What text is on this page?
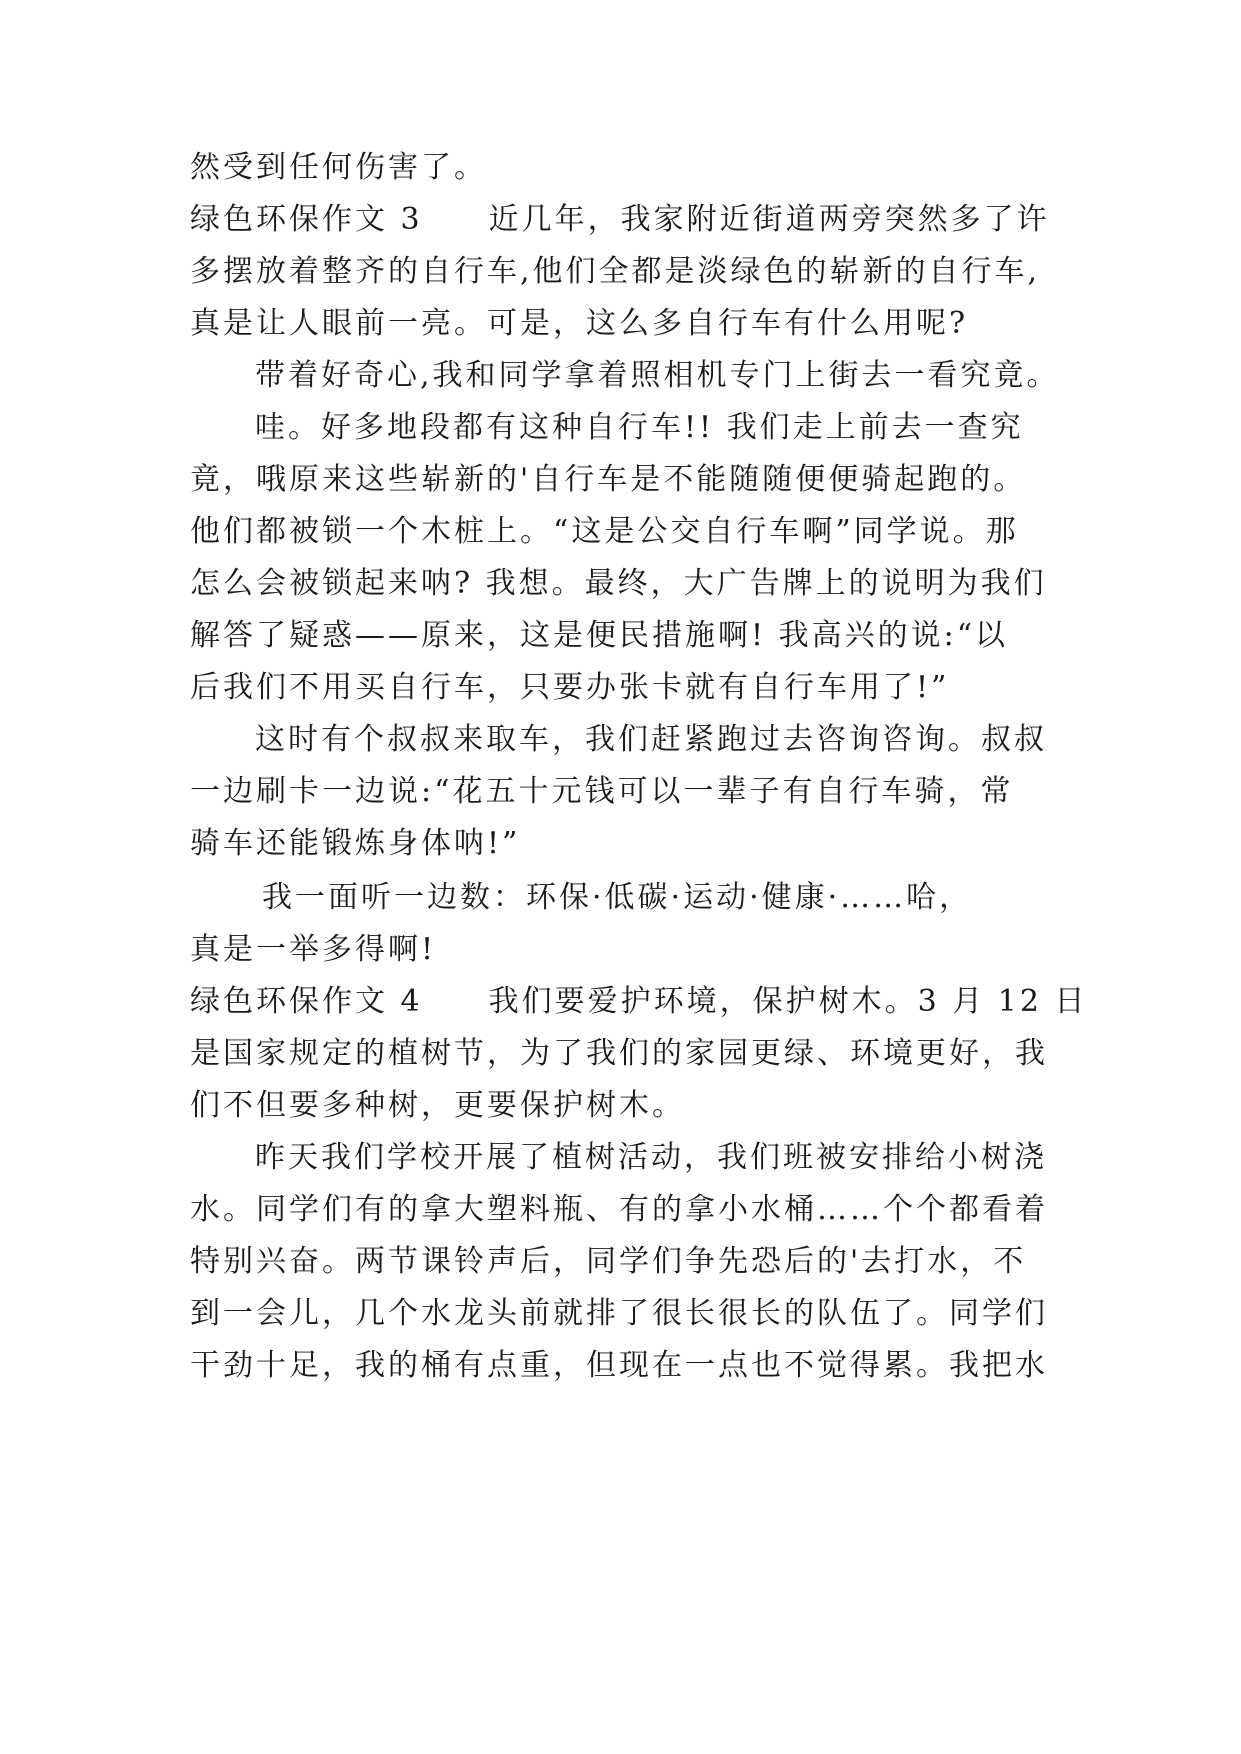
然受到任何伤害了。
绿色环保作文 3　　近几年，我家附近街道两旁突然多了许
多摆放着整齐的自行车,他们全都是淡绿色的崭新的自行车,
真是让人眼前一亮。可是，这么多自行车有什么用呢?
带着好奇心,我和同学拿着照相机专门上街去一看究竟。
哇。好多地段都有这种自行车!! 我们走上前去一查究
竟，哦原来这些崭新的'自行车是不能随随便便骑起跑的。
他们都被锁一个木桩上。“这是公交自行车啊”同学说。那
怎么会被锁起来呐? 我想。最终，大广告牌上的说明为我们
解答了疑惑——原来，这是便民措施啊! 我高兴的说:“以
后我们不用买自行车，只要办张卡就有自行车用了!”
这时有个叔叔来取车，我们赶紧跑过去咨询咨询。叔叔
一边刷卡一边说:“花五十元钱可以一辈子有自行车骑，常
骑车还能锻炼身体呐!”
我一面听一边数：环保·低碳·运动·健康·……哈，
真是一举多得啊!
绿色环保作文 4　　我们要爱护环境，保护树木。3 月 12 日
是国家规定的植树节，为了我们的家园更绿、环境更好，我
们不但要多种树，更要保护树木。
昨天我们学校开展了植树活动，我们班被安排给小树浇
水。同学们有的拿大塑料瓶、有的拿小水桶……个个都看着
特别兴奋。两节课铃声后，同学们争先恐后的'去打水，不
到一会儿，几个水龙头前就排了很长很长的队伍了。同学们
干劲十足，我的桶有点重，但现在一点也不觉得累。我把水
